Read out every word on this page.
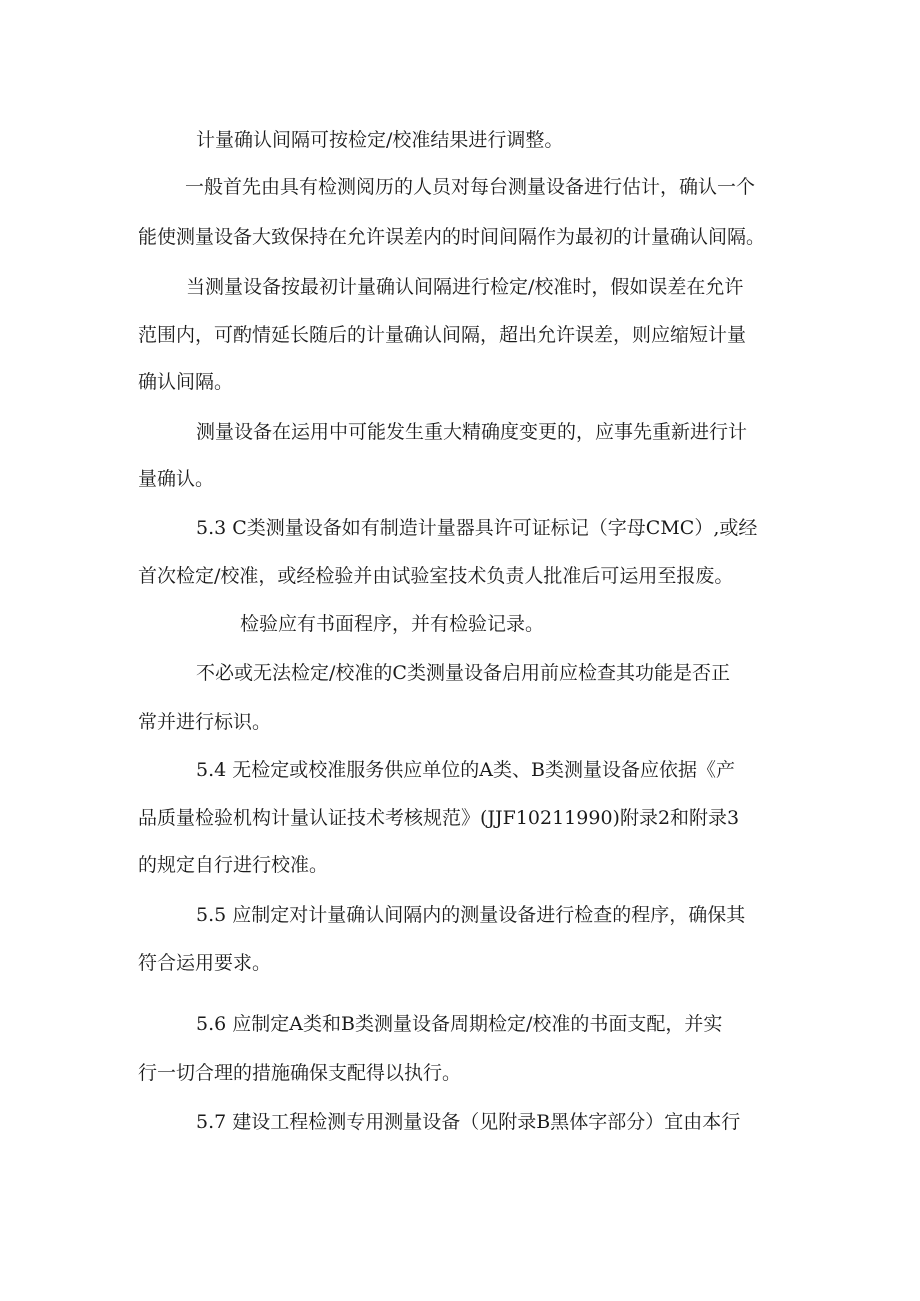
计量确认间隔可按检定/校准结果进行调整。
一般首先由具有检测阅历的人员对每台测量设备进行估计，确认一个
能使测量设备大致保持在允许误差内的时间间隔作为最初的计量确认间隔。
当测量设备按最初计量确认间隔进行检定/校准时，假如误差在允许
范围内，可酌情延长随后的计量确认间隔，超出允许误差，则应缩短计量
确认间隔。
测量设备在运用中可能发生重大精确度变更的，应事先重新进行计
量确认。
5.3 C类测量设备如有制造计量器具许可证标记（字母CMC）,或经
首次检定/校准，或经检验并由试验室技术负责人批准后可运用至报废。
检验应有书面程序，并有检验记录。
不必或无法检定/校准的C类测量设备启用前应检查其功能是否正
常并进行标识。
5.4 无检定或校准服务供应单位的A类、B类测量设备应依据《产
品质量检验机构计量认证技术考核规范》(JJF10211990)附录2和附录3
的规定自行进行校准。
5.5 应制定对计量确认间隔内的测量设备进行检查的程序，确保其
符合运用要求。
5.6 应制定A类和B类测量设备周期检定/校准的书面支配，并实
行一切合理的措施确保支配得以执行。
5.7 建设工程检测专用测量设备（见附录B黑体字部分）宜由本行
